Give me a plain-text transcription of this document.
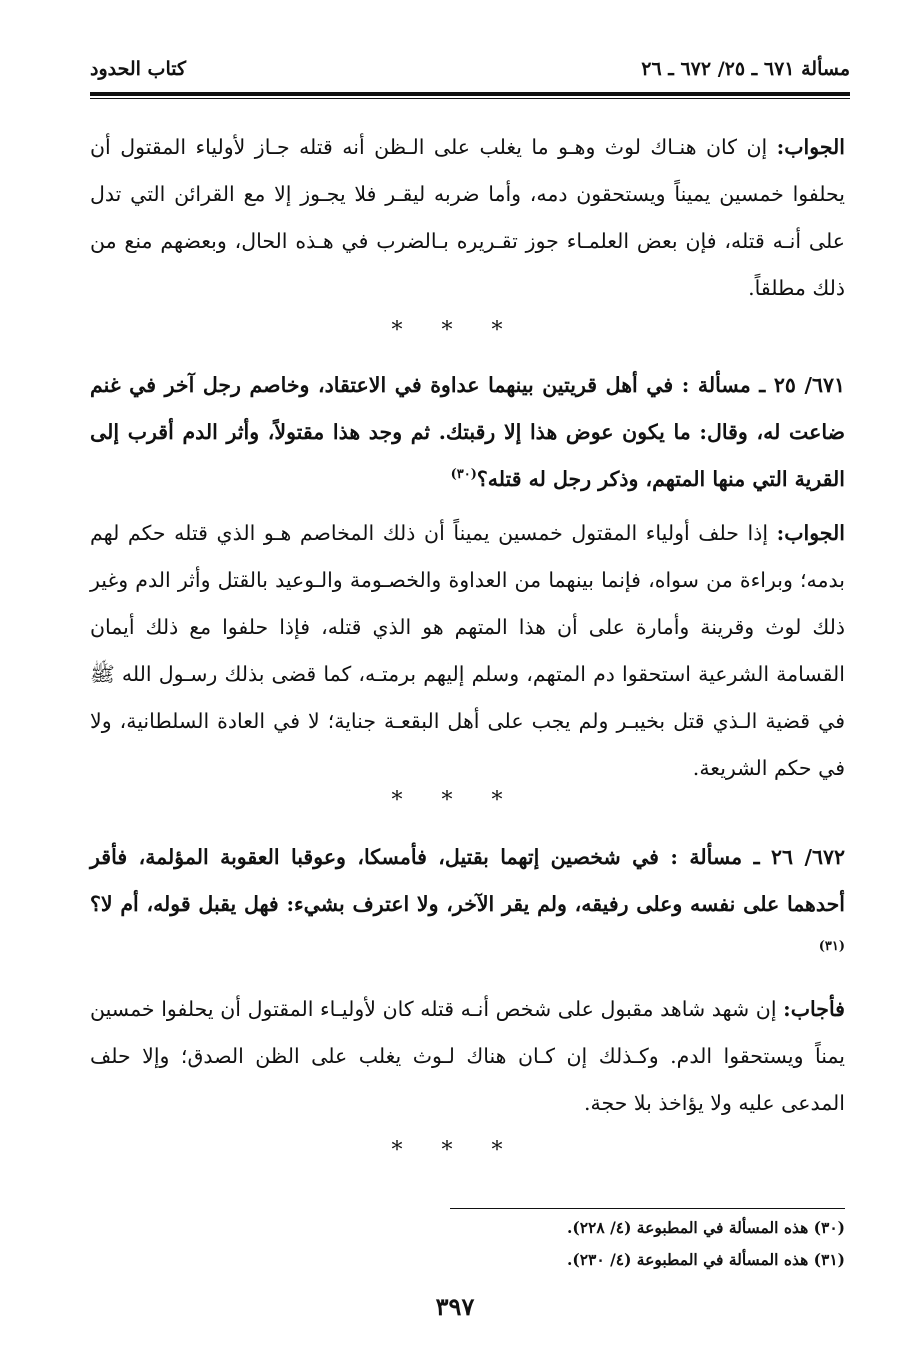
مسألة ٦٧١ ـ ٢٥/ ٦٧٢ ـ ٢٦
كتاب الحدود
الجواب: إن كان هنـاك لوث وهـو ما يغلب على الـظن أنه قتله جـاز لأولياء المقتول أن يحلفوا خمسين يميناً ويستحقون دمه، وأما ضربه ليقـر فلا يجـوز إلا مع القرائن التي تدل على أنـه قتله، فإن بعض العلمـاء جوز تقـريره بـالضرب في هـذه الحال، وبعضهم منع من ذلك مطلقاً.
* * *
٦٧١/ ٢٥ ـ مسألة : في أهل قريتين بينهما عداوة في الاعتقاد، وخاصم رجل آخر في غنم ضاعت له، وقال: ما يكون عوض هذا إلا رقبتك. ثم وجد هذا مقتولاً، وأثر الدم أقرب إلى القرية التي منها المتهم، وذكر رجل له قتله؟$^{(٣٠)}$
الجواب: إذا حلف أولياء المقتول خمسين يميناً أن ذلك المخاصم هـو الذي قتله حكم لهم بدمه؛ وبراءة من سواه، فإنما بينهما من العداوة والخصـومة والـوعيد بالقتل وأثر الدم وغير ذلك لوث وقرينة وأمارة على أن هذا المتهم هو الذي قتله، فإذا حلفوا مع ذلك أيمان القسامة الشرعية استحقوا دم المتهم، وسلم إليهم برمتـه، كما قضى بذلك رسـول الله ﷺ في قضية الـذي قتل بخيبـر ولم يجب على أهل البقعـة جناية؛ لا في العادة السلطانية، ولا في حكم الشريعة.
* * *
٦٧٢/ ٢٦ ـ مسألة : في شخصين إتهما بقتيل، فأمسكا، وعوقبا العقوبة المؤلمة، فأقر أحدهما على نفسه وعلى رفيقه، ولم يقر الآخر، ولا اعترف بشيء: فهل يقبل قوله، أم لا؟$^{(٣١)}$
فأجاب: إن شهد شاهد مقبول على شخص أنـه قتله كان لأوليـاء المقتول أن يحلفوا خمسين يمناً ويستحقوا الدم. وكـذلك إن كـان هناك لـوث يغلب على الظن الصدق؛ وإلا حلف المدعى عليه ولا يؤاخذ بلا حجة.
* * *
(٣٠) هذه المسألة في المطبوعة (٤/ ٢٢٨).
(٣١) هذه المسألة في المطبوعة (٤/ ٢٣٠).
٣٩٧
